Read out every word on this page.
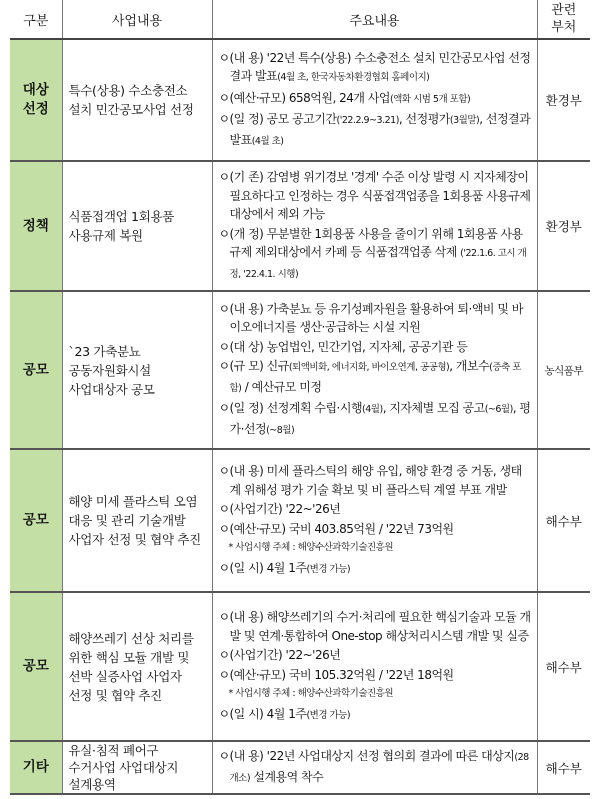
구분	사업내용	주요내용	관련
부처

대상
선정

특수(상용) 수소충전소
설치 민간공모사업 선정

ㅇ(내 용) '22년 특수(상용) 수소충전소 설치 민간공모사업 선정결과 발표(4월 초, 한국자동차환경협회 홈페이지)
ㅇ(예산·규모) 658억원, 24개 사업(액화 시범 5개 포함)
ㅇ(일 정) 공모 공고기간('22.2.9~3.21), 선정평가(3월말), 선정결과 발표(4월 초)
	환경부
정책	
식품접객업 1회용품
사용규제 복원

ㅇ(기 존) 감염병 위기경보 '경계' 수준 이상 발령 시 지자체장이 필요하다고 인정하는 경우 식품접객업종을 1회용품 사용규제 대상에서 제외 가능
ㅇ(개 정) 무분별한 1회용품 사용을 줄이기 위해 1회용품 사용규제 제외대상에서 카페 등 식품접객업종 삭제 ('22.1.6. 고시 개정, '22.4.1. 시행)
	환경부
공모	
`23 가축분뇨
공동자원화시설
사업대상자 공모

ㅇ(내 용) 가축분뇨 등 유기성폐자원을 활용하여 퇴·액비 및 바이오에너지를 생산·공급하는 시설 지원
ㅇ(대 상) 농업법인, 민간기업, 지자체, 공공기관 등
ㅇ(규 모) 신규(퇴액비화, 에너지화, 바이오연계, 공공형), 개보수(증축 포함) / 예산규모 미정
ㅇ(일 정) 선정계획 수립·시행(4월), 지자체별 모집 공고(~6월), 평가·선정(~8월)
	농식품부
공모	
해양 미세 플라스틱 오염
대응 및 관리 기술개발
사업자 선정 및 협약 추진

ㅇ(내 용) 미세 플라스틱의 해양 유입, 해양 환경 중 거동, 생태계 위해성 평가 기술 확보 및 비 플라스틱 계열 부표 개발
ㅇ(사업기간) '22~'26년
ㅇ(예산·규모) 국비 403.85억원 / '22년 73억원
* 사업시행 주체 : 해양수산과학기술진흥원
ㅇ(일 시) 4월 1주(변경 가능)
	해수부
공모	
해양쓰레기 선상 처리를
위한 핵심 모듈 개발 및
선박 실증사업 사업자
선정 및 협약 추진

ㅇ(내 용) 해양쓰레기의 수거·처리에 필요한 핵심기술과 모듈 개발 및 연계·통합하여 One-stop 해상처리시스템 개발 및 실증
ㅇ(사업기간) '22~'26년
ㅇ(예산·규모) 국비 105.32억원 / '22년 18억원
* 사업시행 주체 : 해양수산과학기술진흥원
ㅇ(일 시) 4월 1주(변경 가능)
	해수부
기타	유실·침적 폐어구
수거사업 사업대상지
설계용역	ㅇ(내 용) '22년 사업대상지 선정 협의회 결과에 따른 대상지(28개소) 설계용역 착수	해수부
